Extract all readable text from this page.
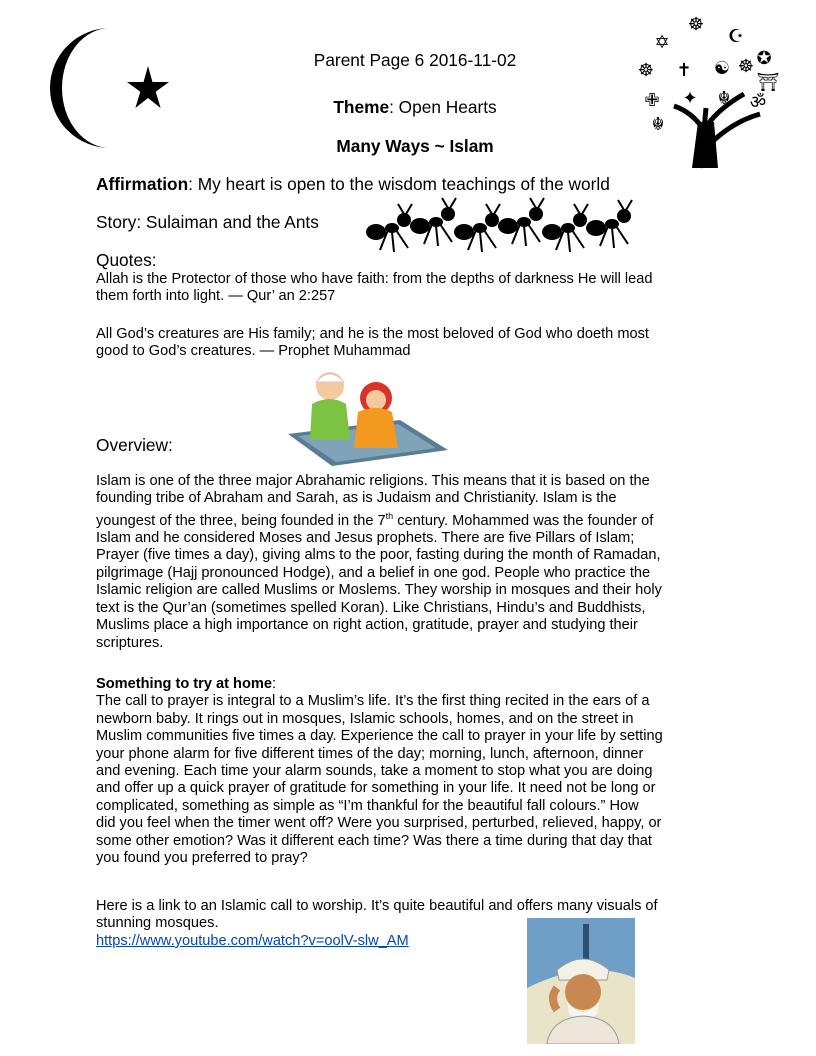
Parent Page 6 2016-11-02
Theme: Open Hearts
Many Ways ~ Islam
✡
☸
☪
✪
☸ ✝ ☯
⛩
✙ ✦ ☬ ॐ
☬
☸
Affirmation: My heart is open to the wisdom teachings of the world
Story: Sulaiman and the Ants
Quotes:

Allah is the Protector of those who have faith: from the depths of darkness He will lead

them forth into light. — Qur’ an 2:257

All God’s creatures are His family; and he is the most beloved of God who doeth most

good to God’s creatures. — Prophet Muhammad

Overview:

Islam is one of the three major Abrahamic religions. This means that it is based on the

founding tribe of Abraham and Sarah, as is Judaism and Christianity. Islam is the

youngest of the three, being founded in the 7th century. Mohammed was the founder of

Islam and he considered Moses and Jesus prophets. There are five Pillars of Islam;

Prayer (five times a day), giving alms to the poor, fasting during the month of Ramadan,

pilgrimage (Hajj pronounced Hodge), and a belief in one god. People who practice the

Islamic religion are called Muslims or Moslems. They worship in mosques and their holy

text is the Qur’an (sometimes spelled Koran). Like Christians, Hindu’s and Buddhists,

Muslims place a high importance on right action, gratitude, prayer and studying their

scriptures.

Something to try at home:

The call to prayer is integral to a Muslim’s life. It’s the first thing recited in the ears of a

newborn baby. It rings out in mosques, Islamic schools, homes, and on the street in

Muslim communities five times a day. Experience the call to prayer in your life by setting

your phone alarm for five different times of the day; morning, lunch, afternoon, dinner

and evening. Each time your alarm sounds, take a moment to stop what you are doing

and offer up a quick prayer of gratitude for something in your life. It need not be long or

complicated, something as simple as “I’m thankful for the beautiful fall colours.” How

did you feel when the timer went off? Were you surprised, perturbed, relieved, happy, or

some other emotion? Was it different each time? Was there a time during that day that

you found you preferred to pray?

Here is a link to an Islamic call to worship. It’s quite beautiful and offers many visuals of

stunning mosques.

https://www.youtube.com/watch?v=oolV-slw_AM
